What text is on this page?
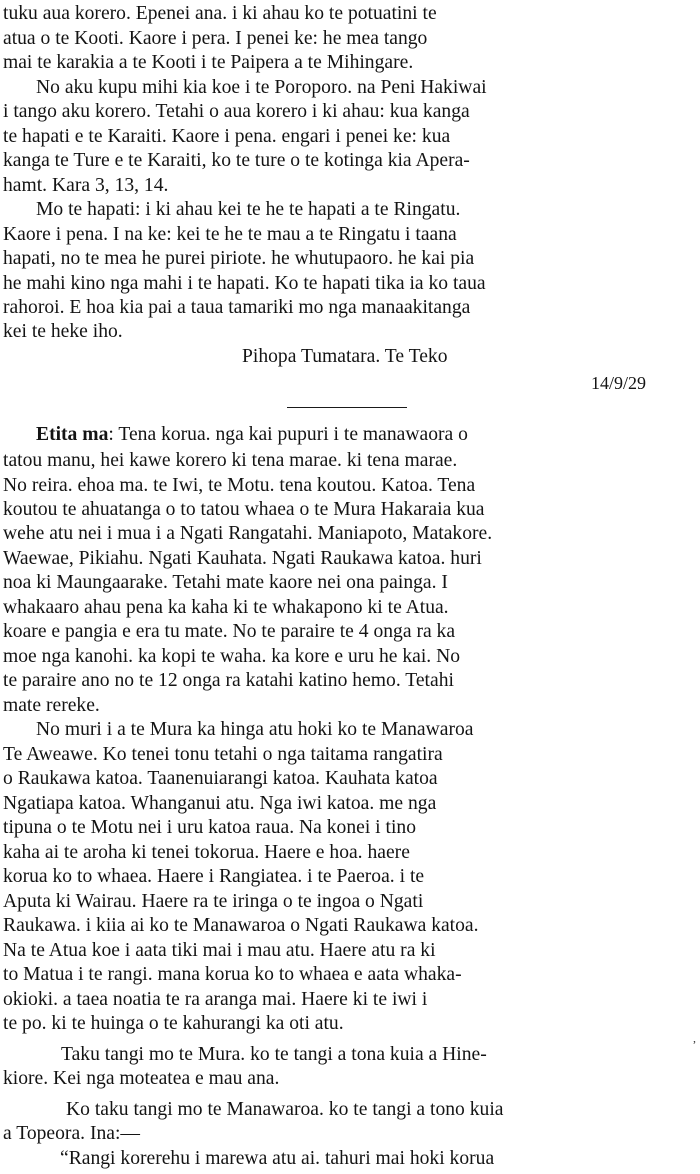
tuku aua korero. Epenei ana. i ki ahau ko te potuatini te
atua o te Kooti. Kaore i pera. I penei ke: he mea tango
mai te karakia a te Kooti i te Paipera a te Mihingare.
No aku kupu mihi kia koe i te Poroporo. na Peni Hakiwai
i tango aku korero. Tetahi o aua korero i ki ahau: kua kanga
te hapati e te Karaiti. Kaore i pena. engari i penei ke: kua
kanga te Ture e te Karaiti, ko te ture o te kotinga kia Apera-
hamt. Kara 3, 13, 14.
Mo te hapati: i ki ahau kei te he te hapati a te Ringatu.
Kaore i pena. I na ke: kei te he te mau a te Ringatu i taana
hapati, no te mea he purei piriote. he whutupaoro. he kai pia
he mahi kino nga mahi i te hapati. Ko te hapati tika ia ko taua
rahoroi. E hoa kia pai a taua tamariki mo nga manaakitanga
kei te heke iho.
Pihopa Tumatara. Te Teko
14/9/29
Etita ma: Tena korua. nga kai pupuri i te manawaora o
tatou manu, hei kawe korero ki tena marae. ki tena marae.
No reira. ehoa ma. te Iwi, te Motu. tena koutou. Katoa. Tena
koutou te ahuatanga o to tatou whaea o te Mura Hakaraia kua
wehe atu nei i mua i a Ngati Rangatahi. Maniapoto, Matakore.
Waewae, Pikiahu. Ngati Kauhata. Ngati Raukawa katoa. huri
noa ki Maungaarake. Tetahi mate kaore nei ona painga. I
whakaaro ahau pena ka kaha ki te whakapono ki te Atua.
koare e pangia e era tu mate. No te paraire te 4 onga ra ka
moe nga kanohi. ka kopi te waha. ka kore e uru he kai. No
te paraire ano no te 12 onga ra katahi katino hemo. Tetahi
mate rereke.
No muri i a te Mura ka hinga atu hoki ko te Manawaroa
Te Aweawe. Ko tenei tonu tetahi o nga taitama rangatira
o Raukawa katoa. Taanenuiarangi katoa. Kauhata katoa
Ngatiapa katoa. Whanganui atu. Nga iwi katoa. me nga
tipuna o te Motu nei i uru katoa raua. Na konei i tino
kaha ai te aroha ki tenei tokorua. Haere e hoa. haere
korua ko to whaea. Haere i Rangiatea. i te Paeroa. i te
Aputa ki Wairau. Haere ra te iringa o te ingoa o Ngati
Raukawa. i kiia ai ko te Manawaroa o Ngati Raukawa katoa.
Na te Atua koe i aata tiki mai i mau atu. Haere atu ra ki
to Matua i te rangi. mana korua ko to whaea e aata whaka-
okioki. a taea noatia te ra aranga mai. Haere ki te iwi i
te po. ki te huinga o te kahurangi ka oti atu.
Taku tangi mo te Mura. ko te tangi a tona kuia a Hine-
kiore. Kei nga moteatea e mau ana.
Ko taku tangi mo te Manawaroa. ko te tangi a tono kuia
a Topeora. Ina:—
“Rangi korerehu i marewa atu ai. tahuri mai hoki korua
,
